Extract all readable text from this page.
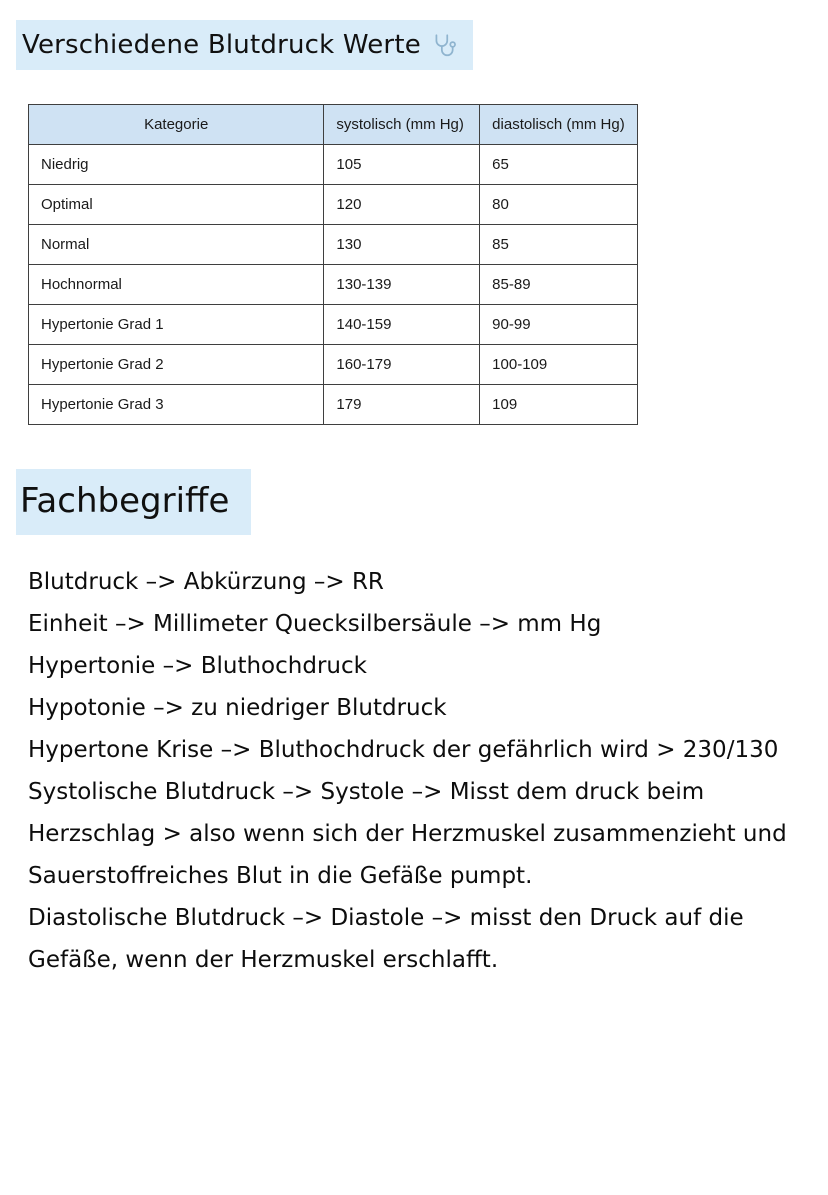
Verschiedene Blutdruck Werte
Kategorie	systolisch (mm Hg)	diastolisch (mm Hg)
Niedrig	105	65
Optimal	120	80
Normal	130	85
Hochnormal	130-139	85-89
Hypertonie Grad 1	140-159	90-99
Hypertonie Grad 2	160-179	100-109
Hypertonie Grad 3	179	109
Fachbegriffe

Blutdruck –> Abkürzung –> RR

Einheit –> Millimeter Quecksilbersäule –> mm Hg

Hypertonie –> Bluthochdruck

Hypotonie –> zu niedriger Blutdruck

Hypertone Krise –> Bluthochdruck der gefährlich wird > 230/130

Systolische Blutdruck –> Systole –> Misst dem druck beim Herzschlag > also wenn sich der Herzmuskel zusammenzieht und Sauerstoffreiches Blut in die Gefäße pumpt.

Diastolische Blutdruck –> Diastole –> misst den Druck auf die Gefäße, wenn der Herzmuskel erschlafft.
